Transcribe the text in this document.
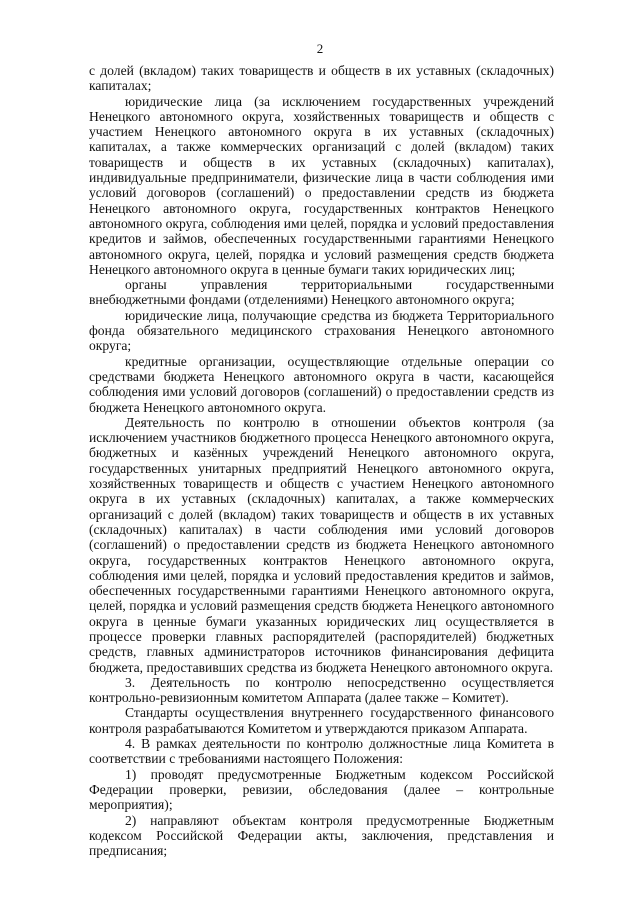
2

с долей (вкладом) таких товариществ и обществ в их уставных (складочных) капиталах;

юридические лица (за исключением государственных учреждений Ненецкого автономного округа, хозяйственных товариществ и обществ с участием Ненецкого автономного округа в их уставных (складочных) капиталах, а также коммерческих организаций с долей (вкладом) таких товариществ и обществ в их уставных (складочных) капиталах), индивидуальные предприниматели, физические лица в части соблюдения ими условий договоров (соглашений) о предоставлении средств из бюджета Ненецкого автономного округа, государственных контрактов Ненецкого автономного округа, соблюдения ими целей, порядка и условий предоставления кредитов и займов, обеспеченных государственными гарантиями Ненецкого автономного округа, целей, порядка и условий размещения средств бюджета Ненецкого автономного округа в ценные бумаги таких юридических лиц;

органы управления территориальными государственными внебюджетными фондами (отделениями) Ненецкого автономного округа;

юридические лица, получающие средства из бюджета Территориального фонда обязательного медицинского страхования Ненецкого автономного округа;

кредитные организации, осуществляющие отдельные операции со средствами бюджета Ненецкого автономного округа в части, касающейся соблюдения ими условий договоров (соглашений) о предоставлении средств из бюджета Ненецкого автономного округа.

Деятельность по контролю в отношении объектов контроля (за исключением участников бюджетного процесса Ненецкого автономного округа, бюджетных и казённых учреждений Ненецкого автономного округа, государственных унитарных предприятий Ненецкого автономного округа, хозяйственных товариществ и обществ с участием Ненецкого автономного округа в их уставных (складочных) капиталах, а также коммерческих организаций с долей (вкладом) таких товариществ и обществ в их уставных (складочных) капиталах) в части соблюдения ими условий договоров (соглашений) о предоставлении средств из бюджета Ненецкого автономного округа, государственных контрактов Ненецкого автономного округа, соблюдения ими целей, порядка и условий предоставления кредитов и займов, обеспеченных государственными гарантиями Ненецкого автономного округа, целей, порядка и условий размещения средств бюджета Ненецкого автономного округа в ценные бумаги указанных юридических лиц осуществляется в процессе проверки главных распорядителей (распорядителей) бюджетных средств, главных администраторов источников финансирования дефицита бюджета, предоставивших средства из бюджета Ненецкого автономного округа.

3. Деятельность по контролю непосредственно осуществляется контрольно-ревизионным комитетом Аппарата (далее также – Комитет).

Стандарты осуществления внутреннего государственного финансового контроля разрабатываются Комитетом и утверждаются приказом Аппарата.

4. В рамках деятельности по контролю должностные лица Комитета в соответствии с требованиями настоящего Положения:

1) проводят предусмотренные Бюджетным кодексом Российской Федерации проверки, ревизии, обследования (далее – контрольные мероприятия);

2) направляют объектам контроля предусмотренные Бюджетным кодексом Российской Федерации акты, заключения, представления и предписания;
